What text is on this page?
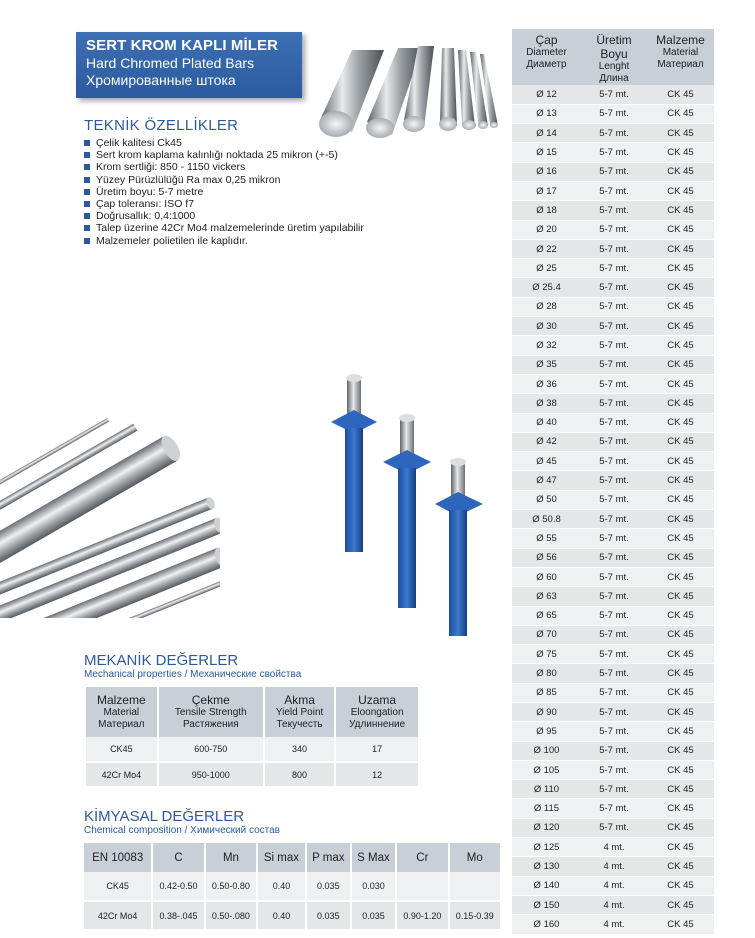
SERT KROM KAPLI MİLER
Hard Chromed Plated Bars
Хромированные штока
TEKNİK ÖZELLİKLER
Çelik kalitesi Ck45
Sert krom kaplama kalınlığı noktada 25 mikron (+-5)
Krom sertliği: 850 - 1150 vickers
Yüzey Pürüzlülüğü Ra max 0,25 mikron
Üretim boyu: 5-7 metre
Çap toleransı: ISO f7
Doğrusallık: 0,4:1000
Talep üzerine 42Cr Mo4 malzemelerinde üretim yapılabilir
Malzemeler polietilen ile kaplıdır.
Çap
Diameter
Диаметр	Üretim Boyu
Lenght
Длина	Malzeme
Material
Материал

Ø 12	5-7 mt.	CK 45
Ø 13	5-7 mt.	CK 45
Ø 14	5-7 mt.	CK 45
Ø 15	5-7 mt.	CK 45
Ø 16	5-7 mt.	CK 45
Ø 17	5-7 mt.	CK 45
Ø 18	5-7 mt.	CK 45
Ø 20	5-7 mt.	CK 45
Ø 22	5-7 mt.	CK 45
Ø 25	5-7 mt.	CK 45
Ø 25.4	5-7 mt.	CK 45
Ø 28	5-7 mt.	CK 45
Ø 30	5-7 mt.	CK 45
Ø 32	5-7 mt.	CK 45
Ø 35	5-7 mt.	CK 45
Ø 36	5-7 mt.	CK 45
Ø 38	5-7 mt.	CK 45
Ø 40	5-7 mt.	CK 45
Ø 42	5-7 mt.	CK 45
Ø 45	5-7 mt.	CK 45
Ø 47	5-7 mt.	CK 45
Ø 50	5-7 mt.	CK 45
Ø 50.8	5-7 mt.	CK 45
Ø 55	5-7 mt.	CK 45
Ø 56	5-7 mt.	CK 45
Ø 60	5-7 mt.	CK 45
Ø 63	5-7 mt.	CK 45
Ø 65	5-7 mt.	CK 45
Ø 70	5-7 mt.	CK 45
Ø 75	5-7 mt.	CK 45
Ø 80	5-7 mt.	CK 45
Ø 85	5-7 mt.	CK 45
Ø 90	5-7 mt.	CK 45
Ø 95	5-7 mt.	CK 45
Ø 100	5-7 mt.	CK 45
Ø 105	5-7 mt.	CK 45
Ø 110	5-7 mt.	CK 45
Ø 115	5-7 mt.	CK 45
Ø 120	5-7 mt.	CK 45
Ø 125	4 mt.	CK 45
Ø 130	4 mt.	CK 45
Ø 140	4 mt.	CK 45
Ø 150	4 mt.	CK 45
Ø 160	4 mt.	CK 45
MEKANİK DEĞERLER
Mechanical properties / Механические свойства
Malzeme
Material
Материал	Çekme
Tensile Strength
Растяжения	Akma
Yield Point
Текучесть	Uzama
Eloongation
Удлиннение

CK45	600-750	340	17
42Cr Mo4	950-1000	800	12
KİMYASAL DEĞERLER
Chemical composition / Химический состав
EN 10083	C	Mn	Si max	P max	S Max	Cr	Mo
CK45	0.42-0.50	0.50-0.80	0.40	0.035	0.030		
42Cr Mo4	0.38-.045	0.50-.080	0.40	0.035	0.035	0.90-1.20	0.15-0.39
